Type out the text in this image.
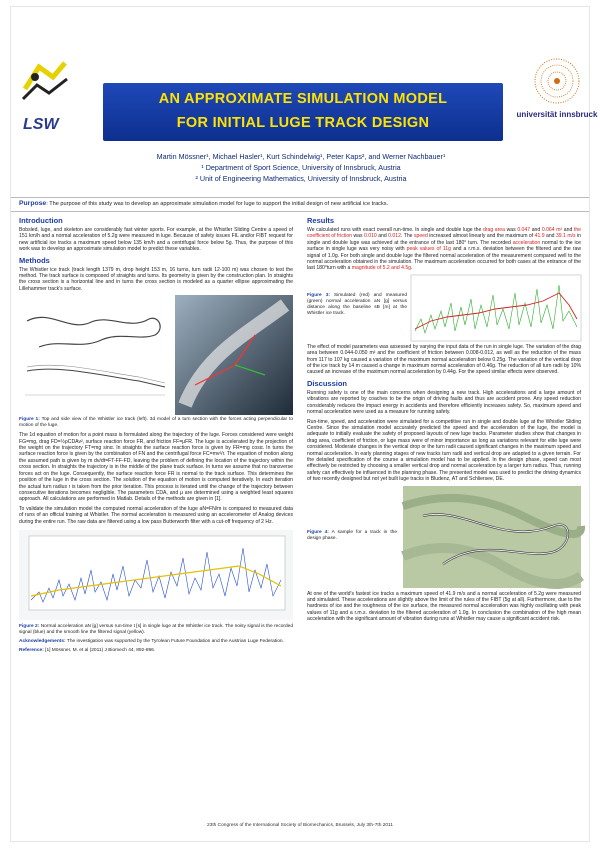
LSW
AN APPROXIMATE SIMULATION MODEL
FOR INITIAL LUGE TRACK DESIGN
universität innsbruck
Martin Mössner¹, Michael Hasler¹, Kurt Schindelwig¹, Peter Kaps², and Werner Nachbauer¹
¹ Department of Sport Science, University of Innsbruck, Austria
² Unit of Engineering Mathematics, University of Innsbruck, Austria
Purpose: The purpose of this study was to develop an approximate simulation model for luge to support the initial design of new artificial ice tracks.
Introduction

Bobsled, luge, and skeleton are considerably fast winter sports. For example, at the Whistler Sliding Centre a speed of 151 km/h and a normal acceleration of 5.2g were measured in luge. Because of safety issues FIL and/or FIBT request for new artificial ice tracks a maximum speed below 135 km/h and a centrifugal force below 5g. Thus, the purpose of this work was to develop an approximate simulation model to predict these variables.

Methods

The Whistler ice track (track length 1379 m, drop height 153 m, 16 turns, turn radii 12-100 m) was chosen to test the method. The track surface is composed of straights and turns. Its geometry is given by the construction plan. In straights the cross section is a horizontal line and in turns the cross section is modeled as a quarter ellipse approximating the Lillehammer track's surface.

Figure 1: Top and side view of the Whistler ice track (left). 3d model of a turn section with the forces acting perpendicular to motion of the luge.

The 1d equation of motion for a point mass is formulated along the trajectory of the luge. Forces considered were weight FG=mg, drag FD=½ρCDAv², surface reaction force FR, and friction FF=μFR. The luge is accelerated by the projection of the weight on the trajectory FT=mg sinα. In straights the surface reaction force is given by FR=mg cosα. In turns the surface reaction force is given by the combination of FN and the centrifugal force FC=mv²/r. The equation of motion along the assumed path is given by m dv/dt=FT-FF-FD, leaving the problem of defining the location of the trajectory within the cross section. In straights the trajectory is in the middle of the plane track surface. In turns we assume that no transverse forces act on the luge. Consequently, the surface reaction force FR is normal to the track surface. This determines the position of the luge in the cross section. The solution of the equation of motion is computed iteratively. In each iteration the actual turn radius r is taken from the prior iteration. This process is iterated until the change of the trajectory between consecutive iterations becomes negligible. The parameters CDA, and μ are determined using a weighted least squares approach. All calculations are performed in Matlab. Details of the methods are given in [1].

To validate the simulation model the computed normal acceleration of the luge aN=FN/m is compared to measured data of runs of an official training at Whistler. The normal acceleration is measured using an accelerometer of Analog devices during the entire run. The raw data are filtered using a low pass Butterworth filter with a cut-off frequency of 2 Hz.

Figure 2: Normal acceleration aN [g] versus run-time t [s] in single luge at the Whistler ice track. The noisy signal is the recorded signal (blue) and the smooth line the filtered signal (yellow).

Acknowledgements: The investigation was supported by the Tyrolean Future Foundation and the Austrian Luge Federation.

Reference: [1] Mössner, M. et al (2011) J Biomech 44, 892-896.

Results

We calculated runs with exact overall run-time. In single and double luge the drag area was 0.047 and 0.064 m² and the coefficient of friction was 0.010 and 0.012. The speed increased almost linearly and the maximum of 41.9 and 39.1 m/s in single and double luge was achieved at the entrance of the last 180° turn. The recorded acceleration normal to the ice surface in single luge was very noisy with peak values of 11g and a r.m.s. deviation between the filtered and the raw signal of 1.0g. For both single and double luge the filtered normal acceleration of the measurement compared well to the normal acceleration obtained in the simulation. The maximum acceleration occurred for both cases at the entrance of the last 180°turn with a magnitude of 5.2 and 4.5g.

Figure 3: Simulated (red) and measured (green) normal acceleration aN [g] versus distance along the baseline sB [m] at the Whistler ice track.

The effect of model parameters was assessed by varying the input data of the run in single luge. The variation of the drag area between 0.044-0.050 m² and the coefficient of friction between 0.008-0.012, as well as the reduction of the mass from 117 to 107 kg caused a variation of the maximum normal acceleration below 0.25g. The variation of the vertical drop of the ice track by 14 m caused a change in maximum normal acceleration of 0.46g. The reduction of all turn radii by 10% caused an increase of the maximum normal acceleration by 0.44g. For the speed similar effects were observed.

Discussion

Running safety is one of the main concerns when designing a new track. High accelerations and a large amount of vibrations are reported by coaches to be the origin of driving faults and thus are accident prone. Any speed reduction considerably reduces the impact energy in accidents and therefore efficiently increases safety. So, maximum speed and normal acceleration were used as a measure for running safety.

Run-time, speed, and acceleration were simulated for a competitive run in single and double luge at the Whistler Sliding Centre. Since the simulation model accurately predicted the speed and the acceleration of the luge, the model is adequate to initially evaluate the safety of proposed layouts of new luge tracks. Parameter studies show that changes in drag area, coefficient of friction, or luge mass were of minor importance as long as variations relevant for elite luge were considered. Moderate changes in the vertical drop or the turn radii caused significant changes in the maximum speed and normal acceleration. In early planning stages of new tracks turn radii and vertical drop are adapted to a given terrain. For the detailed specification of the course a simulation model has to be applied. In the design phase, speed can most effectively be restricted by choosing a smaller vertical drop and normal acceleration by a larger turn radius. Thus, running safety can effectively be influenced in the planning phase. The presented model was used to predict the driving dynamics of two recently designed but not yet built luge tracks in Bludenz, AT and Schliersee, DE.

Figure 4: A sample for a track in the design phase.

At one of the world's fastest ice tracks a maximum speed of 41.9 m/s and a normal acceleration of 5.2g were measured and simulated. These accelerations are slightly above the limit of the rules of the FIBT (5g at all). Furthermore, due to the hardness of ice and the roughness of the ice surface, the measured normal acceleration was highly oscillating with peak values of 11g and a r.m.s. deviation to the filtered acceleration of 1.0g. In conclusion the combination of the high mean acceleration with the significant amount of vibration during runs at Whistler may cause a significant accident risk.

23th Congress of the International Society of Biomechanics, Brussels, July 3th-7th 2011
